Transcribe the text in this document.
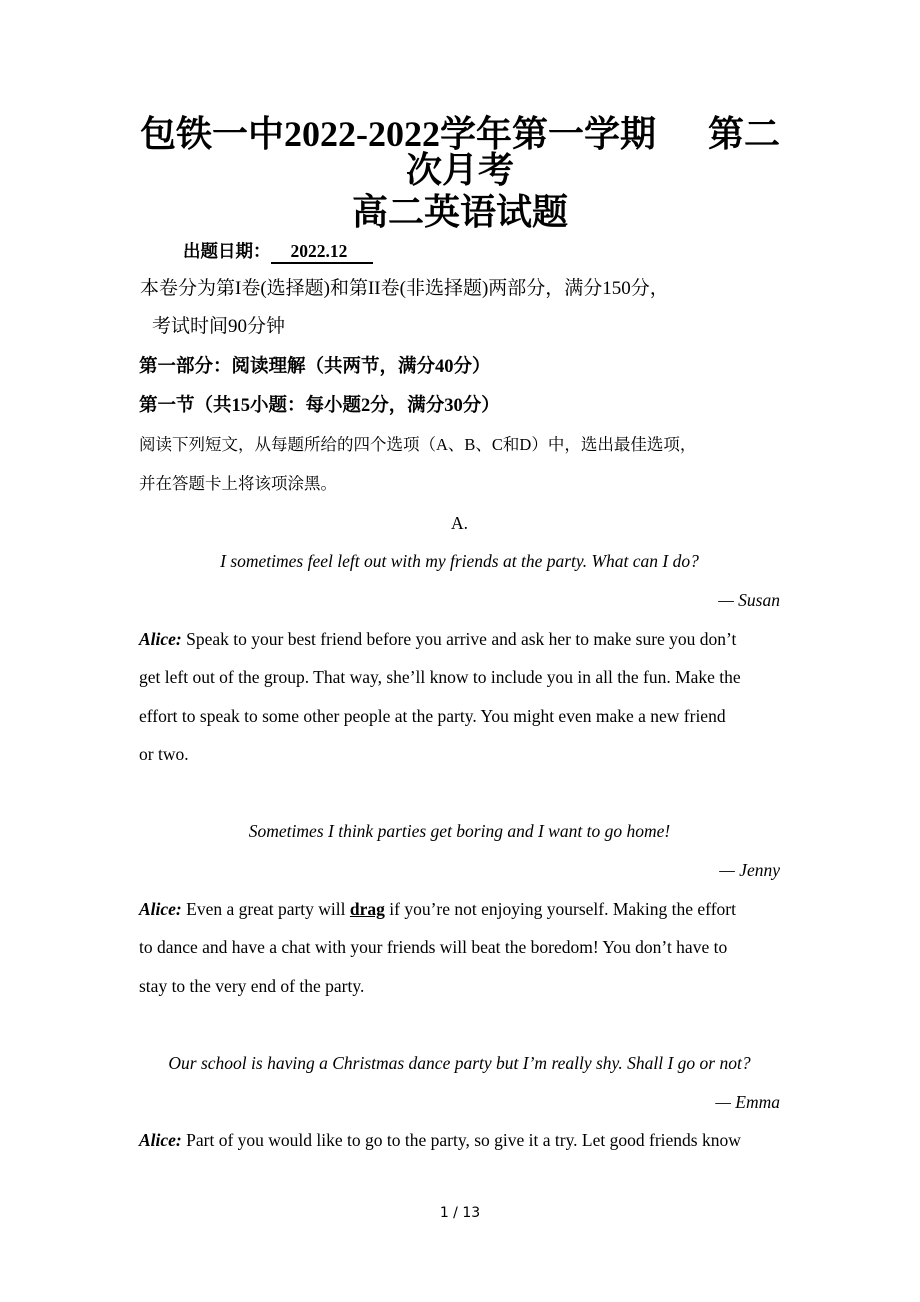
包铁一中2022-2022学年第一学期 第二
次月考
高二英语试题
出题日期： 2022.12
本卷分为第I卷(选择题)和第II卷(非选择题)两部分，满分150分，
考试时间90分钟
第一部分：阅读理解（共两节，满分40分）
第一节（共15小题：每小题2分，满分30分）
阅读下列短文，从每题所给的四个选项（A、B、C和D）中，选出最佳选项，
并在答题卡上将该项涂黑。
A.
I sometimes feel left out with my friends at the party. What can I do?
— Susan
Alice: Speak to your best friend before you arrive and ask her to make sure you don’t
get left out of the group. That way, she’ll know to include you in all the fun. Make the
effort to speak to some other people at the party. You might even make a new friend
or two.
Sometimes I think parties get boring and I want to go home!
— Jenny
Alice: Even a great party will drag if you’re not enjoying yourself. Making the effort
to dance and have a chat with your friends will beat the boredom! You don’t have to
stay to the very end of the party.
Our school is having a Christmas dance party but I’m really shy. Shall I go or not?
— Emma
Alice: Part of you would like to go to the party, so give it a try. Let good friends know
1 / 13
